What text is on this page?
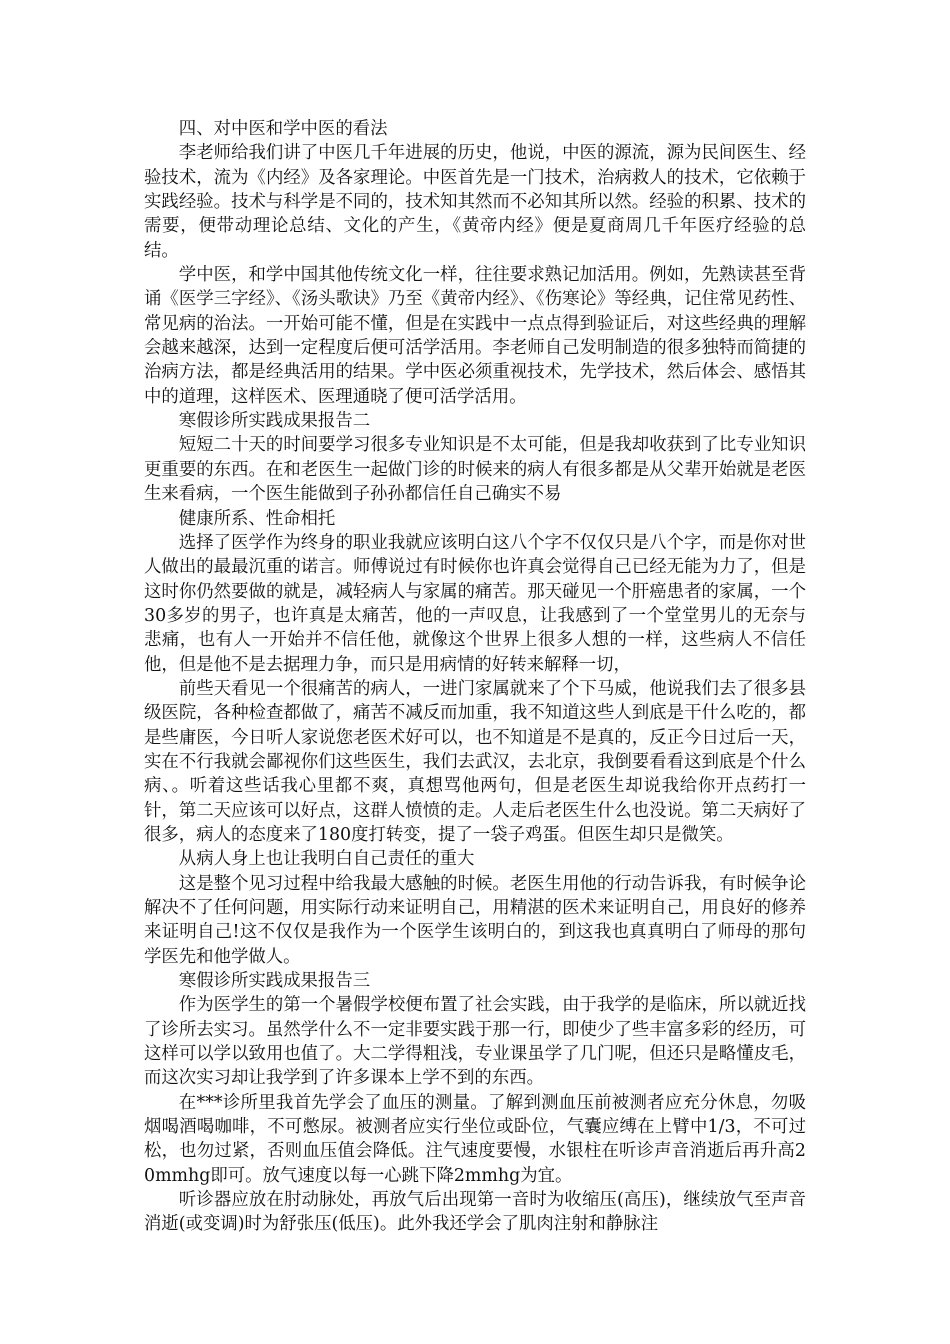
四、对中医和学中医的看法

李老师给我们讲了中医几千年进展的历史，他说，中医的源流，源为民间医生、经验技术，流为《内经》及各家理论。中医首先是一门技术，治病救人的技术，它依赖于实践经验。技术与科学是不同的，技术知其然而不必知其所以然。经验的积累、技术的需要，便带动理论总结、文化的产生，《黄帝内经》便是夏商周几千年医疗经验的总结。

学中医，和学中国其他传统文化一样，往往要求熟记加活用。例如，先熟读甚至背诵《医学三字经》、《汤头歌诀》乃至《黄帝内经》、《伤寒论》等经典，记住常见药性、常见病的治法。一开始可能不懂，但是在实践中一点点得到验证后，对这些经典的理解会越来越深，达到一定程度后便可活学活用。李老师自己发明制造的很多独特而简捷的治病方法，都是经典活用的结果。学中医必须重视技术，先学技术，然后体会、感悟其中的道理，这样医术、医理通晓了便可活学活用。

寒假诊所实践成果报告二

短短二十天的时间要学习很多专业知识是不太可能，但是我却收获到了比专业知识更重要的东西。在和老医生一起做门诊的时候来的病人有很多都是从父辈开始就是老医生来看病，一个医生能做到子孙孙都信任自己确实不易

健康所系、性命相托

选择了医学作为终身的职业我就应该明白这八个字不仅仅只是八个字，而是你对世人做出的最最沉重的诺言。师傅说过有时候你也许真会觉得自己已经无能为力了，但是这时你仍然要做的就是，减轻病人与家属的痛苦。那天碰见一个肝癌患者的家属，一个30多岁的男子，也许真是太痛苦，他的一声叹息，让我感到了一个堂堂男儿的无奈与悲痛，也有人一开始并不信任他，就像这个世界上很多人想的一样，这些病人不信任他，但是他不是去据理力争，而只是用病情的好转来解释一切，

前些天看见一个很痛苦的病人，一进门家属就来了个下马威，他说我们去了很多县级医院，各种检查都做了，痛苦不减反而加重，我不知道这些人到底是干什么吃的，都是些庸医，今日听人家说您老医术好可以，也不知道是不是真的，反正今日过后一天，实在不行我就会鄙视你们这些医生，我们去武汉，去北京，我倒要看看这到底是个什么病、。听着这些话我心里都不爽，真想骂他两句，但是老医生却说我给你开点药打一针，第二天应该可以好点，这群人愤愤的走。人走后老医生什么也没说。第二天病好了很多，病人的态度来了180度打转变，提了一袋子鸡蛋。但医生却只是微笑。

从病人身上也让我明白自己责任的重大

这是整个见习过程中给我最大感触的时候。老医生用他的行动告诉我，有时候争论解决不了任何问题，用实际行动来证明自己，用精湛的医术来证明自己，用良好的修养来证明自己!这不仅仅是我作为一个医学生该明白的，到这我也真真明白了师母的那句学医先和他学做人。

寒假诊所实践成果报告三

作为医学生的第一个暑假学校便布置了社会实践，由于我学的是临床，所以就近找了诊所去实习。虽然学什么不一定非要实践于那一行，即使少了些丰富多彩的经历，可这样可以学以致用也值了。大二学得粗浅，专业课虽学了几门呢，但还只是略懂皮毛，而这次实习却让我学到了许多课本上学不到的东西。

在***诊所里我首先学会了血压的测量。了解到测血压前被测者应充分休息，勿吸烟喝酒喝咖啡，不可憋尿。被测者应实行坐位或卧位，气囊应缚在上臂中1/3，不可过松，也勿过紧，否则血压值会降低。注气速度要慢，水银柱在听诊声音消逝后再升高20mmhg即可。放气速度以每一心跳下降2mmhg为宜。

听诊器应放在肘动脉处，再放气后出现第一音时为收缩压(高压)，继续放气至声音消逝(或变调)时为舒张压(低压)。此外我还学会了肌肉注射和静脉注
